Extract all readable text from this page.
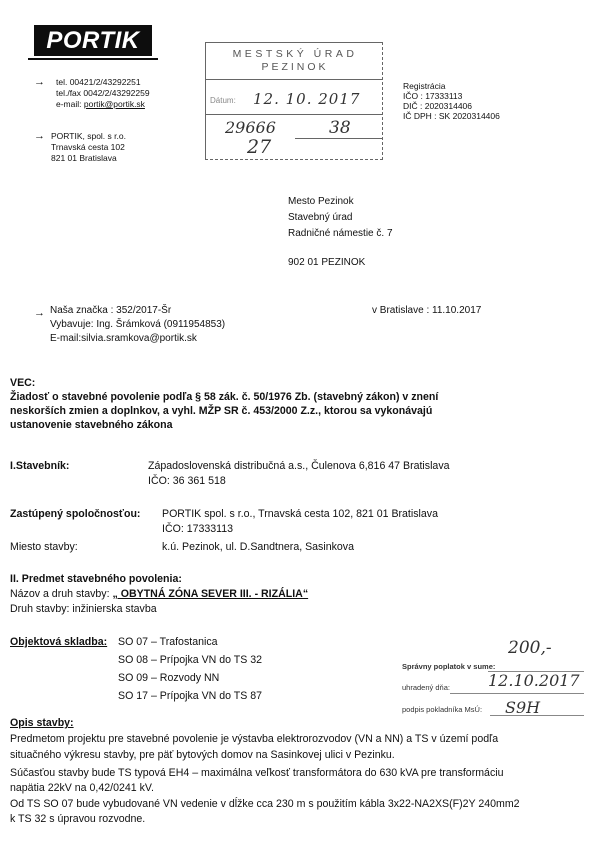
PORTIK
→ tel. 00421/2/43292251
tel./fax 0042/2/43292259
e-mail: portik@portik.sk
→ PORTIK, spol. s r.o.
Trnavská cesta 102
821 01 Bratislava
MESTSKÝ ÚRAD
PEZINOK
Dátum: 12. 10. 2017
29666	38
27
Registrácia
IČO : 17333113
DIČ : 2020314406
IČ DPH : SK 2020314406
Mesto Pezinok
Stavebný úrad
Radničné námestie č. 7
902 01 PEZINOK
→ Naša značka : 352/2017-Šr
Vybavuje: Ing. Šrámková (0911954853)
E-mail:silvia.sramkova@portik.sk
v Bratislave : 11.10.2017
VEC:
Žiadosť o stavebné povolenie podľa § 58 zák. č. 50/1976 Zb. (stavebný zákon) v znení
neskorších zmien a doplnkov, a vyhl. MŽP SR č. 453/2000 Z.z., ktorou sa vykonávajú
ustanovenie stavebného zákona
I.Stavebník:	Západoslovenská distribučná a.s., Čulenova 6,816 47 Bratislava
IČO: 36 361 518
Zastúpený spoločnosťou: PORTIK spol. s r.o., Trnavská cesta 102, 821 01 Bratislava
IČO: 17333113
Miesto stavby:	k.ú. Pezinok, ul. D.Sandtnera, Sasinkova
II. Predmet stavebného povolenia:
Názov a druh stavby: „ OBYTNÁ ZÓNA SEVER III. - RIZÁLIA“
Druh stavby: inžinierska stavba
Objektová skladba: SO 07 – Trafostanica
SO 08 – Prípojka VN do TS 32
SO 09 – Rozvody NN
SO 17 – Prípojka VN do TS 87
Správny poplatok v sume:
200,-
uhradený dňa: 12.10.2017
podpis pokladníka MsÚ: S9H
Opis stavby:
Predmetom projektu pre stavebné povolenie je výstavba elektrorozvodov (VN a NN) a TS v území podľa
situačného výkresu stavby, pre päť bytových domov na Sasinkovej ulici v Pezinku.
Súčasťou stavby bude TS typová EH4 – maximálna veľkosť transformátora do 630 kVA pre transformáciu
napätia 22kV na 0,42/0241 kV.
Od TS SO 07 bude vybudované VN vedenie v dĺžke cca 230 m s použitím kábla 3x22-NA2XS(F)2Y 240mm2
k TS 32 s úpravou rozvodne.
